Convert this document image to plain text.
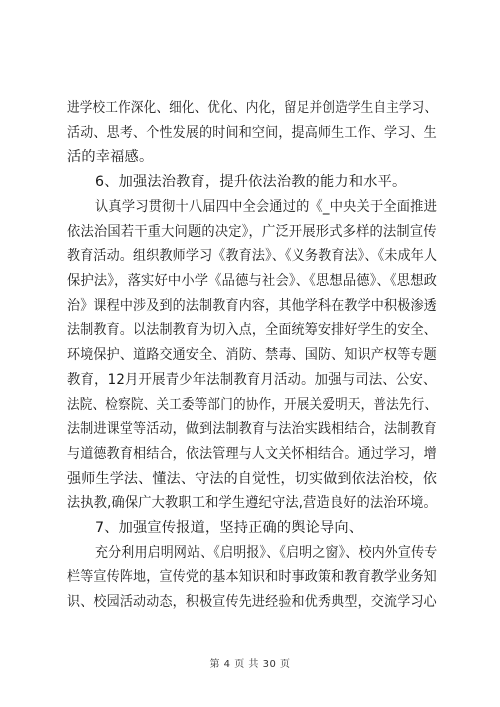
进学校工作深化、细化、优化、内化，留足并创造学生自主学习、
活动、思考、个性发展的时间和空间，提高师生工作、学习、生
活的幸福感。
6、加强法治教育，提升依法治教的能力和水平。
认真学习贯彻十八届四中全会通过的《_中央关于全面推进
依法治国若干重大问题的决定》，广泛开展形式多样的法制宣传
教育活动。组织教师学习《教育法》、《义务教育法》、《未成年人
保护法》，落实好中小学《品德与社会》、《思想品德》、《思想政
治》课程中涉及到的法制教育内容，其他学科在教学中积极渗透
法制教育。以法制教育为切入点，全面统筹安排好学生的安全、
环境保护、道路交通安全、消防、禁毒、国防、知识产权等专题
教育，12月开展青少年法制教育月活动。加强与司法、公安、
法院、检察院、关工委等部门的协作，开展关爱明天，普法先行、
法制进课堂等活动，做到法制教育与法治实践相结合，法制教育
与道德教育相结合，依法管理与人文关怀相结合。通过学习，增
强师生学法、懂法、守法的自觉性，切实做到依法治校，依
法执教,确保广大教职工和学生遵纪守法,营造良好的法治环境。
7、加强宣传报道，坚持正确的舆论导向、
充分利用启明网站、《启明报》、《启明之窗》、校内外宣传专
栏等宣传阵地，宣传党的基本知识和时事政策和教育教学业务知
识、校园活动动态，积极宣传先进经验和优秀典型，交流学习心
第 4 页 共 30 页
